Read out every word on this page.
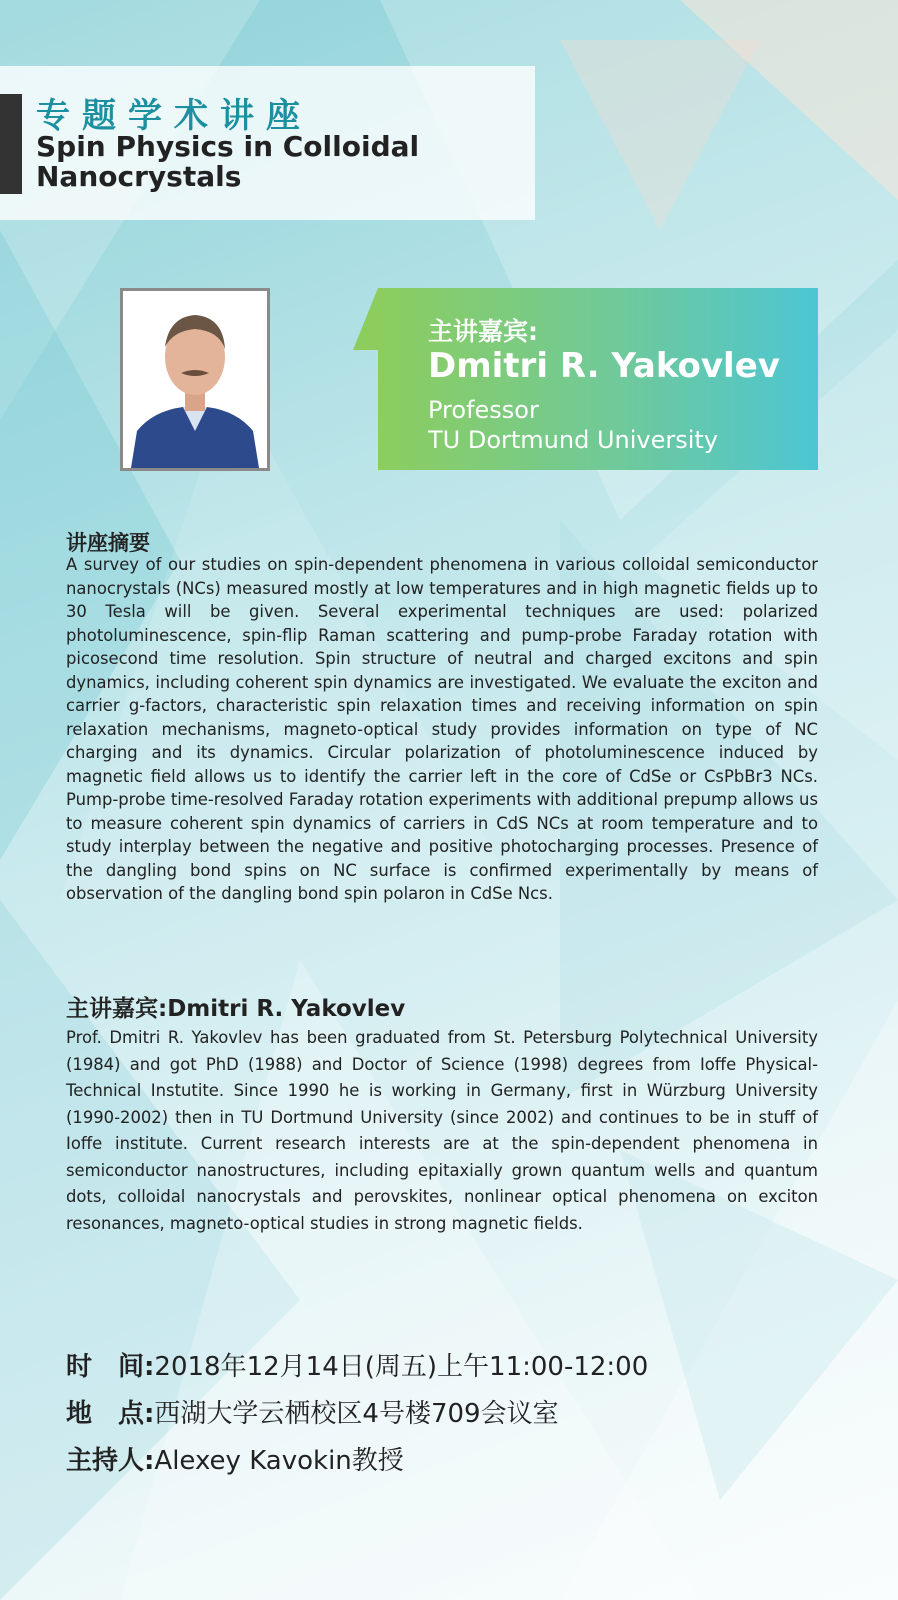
专题学术讲座
Spin Physics in Colloidal Nanocrystals
主讲嘉宾:
Dmitri R. Yakovlev
Professor
TU Dortmund University
讲座摘要

A survey of our studies on spin-dependent phenomena in various colloidal semiconductor nanocrystals (NCs) measured mostly at low temperatures and in high magnetic fields up to 30 Tesla will be given. Several experimental techniques are used: polarized photoluminescence, spin-flip Raman scattering and pump-probe Faraday rotation with picosecond time resolution. Spin structure of neutral and charged excitons and spin dynamics, including coherent spin dynamics are investigated. We evaluate the exciton and carrier g-factors, characteristic spin relaxation times and receiving information on spin relaxation mechanisms, magneto-optical study provides information on type of NC charging and its dynamics. Circular polarization of photoluminescence induced by magnetic field allows us to identify the carrier left in the core of CdSe or CsPbBr3 NCs. Pump-probe time-resolved Faraday rotation experiments with additional prepump allows us to measure coherent spin dynamics of carriers in CdS NCs at room temperature and to study interplay between the negative and positive photocharging processes. Presence of the dangling bond spins on NC surface is confirmed experimentally by means of observation of the dangling bond spin polaron in CdSe Ncs.

主讲嘉宾:Dmitri R. Yakovlev

Prof. Dmitri R. Yakovlev has been graduated from St. Petersburg Polytechnical University (1984) and got PhD (1988) and Doctor of Science (1998) degrees from Ioffe Physical-Technical Instutite. Since 1990 he is working in Germany, first in Würzburg University (1990-2002) then in TU Dortmund University (since 2002) and continues to be in stuff of Ioffe institute. Current research interests are at the spin-dependent phenomena in semiconductor nanostructures, including epitaxially grown quantum wells and quantum dots, colloidal nanocrystals and perovskites, nonlinear optical phenomena on exciton resonances, magneto-optical studies in strong magnetic fields.

时　间:2018年12月14日(周五)上午11:00-12:00

地　点:西湖大学云栖校区4号楼709会议室

主持人:Alexey Kavokin教授
